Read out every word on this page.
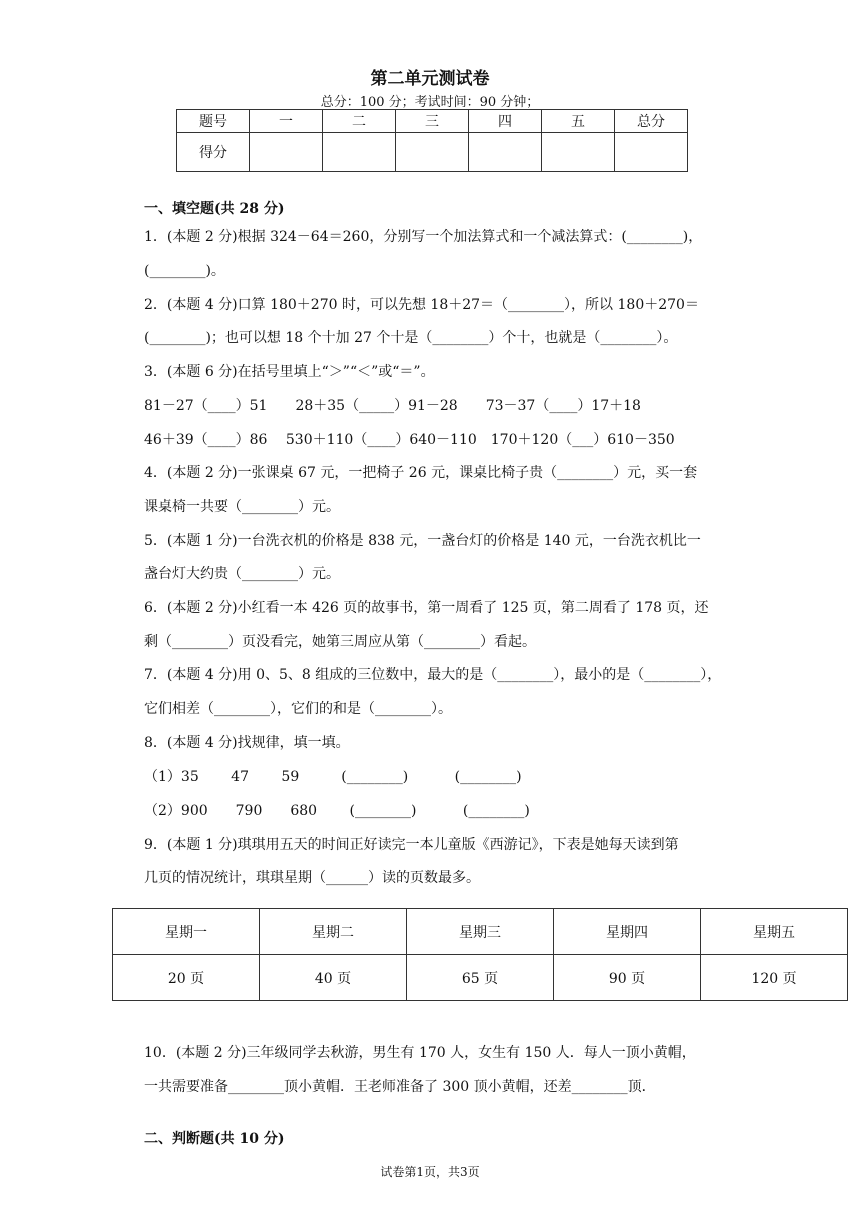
第二单元测试卷
总分：100 分；考试时间：90 分钟；
题号	一	二	三	四	五	总分
得分						
一、填空题(共 28 分)
1．(本题 2 分)根据 324－64＝260，分别写一个加法算式和一个减法算式：(________)，
(________)。
2．(本题 4 分)口算 180＋270 时，可以先想 18＋27＝（________），所以 180＋270＝
(________)；也可以想 18 个十加 27 个十是（________）个十，也就是（________）。
3．(本题 6 分)在括号里填上“＞”“＜”或“＝”。
81－27（____）51　　28＋35（_____）91－28　　73－37（____）17＋18
46＋39（____）86　 530＋110（____）640－110　170＋120（___）610－350
4．(本题 2 分)一张课桌 67 元，一把椅子 26 元，课桌比椅子贵（________）元，买一套
课桌椅一共要（________）元。
5．(本题 1 分)一台洗衣机的价格是 838 元，一盏台灯的价格是 140 元，一台洗衣机比一
盏台灯大约贵（________）元。
6．(本题 2 分)小红看一本 426 页的故事书，第一周看了 125 页，第二周看了 178 页，还
剩（________）页没看完，她第三周应从第（________）看起。
7．(本题 4 分)用 0、5、8 组成的三位数中，最大的是（________），最小的是（________），
它们相差（________），它们的和是（________）。
8．(本题 4 分)找规律，填一填。
（1）35　　 47　　 59　　　(________)　　　 (________)
（2）900　　790　　680　　 (________)　　　 (________)
9．(本题 1 分)琪琪用五天的时间正好读完一本儿童版《西游记》，下表是她每天读到第
几页的情况统计，琪琪星期（______）读的页数最多。
星期一	星期二	星期三	星期四	星期五
20 页	40 页	65 页	90 页	120 页
10．(本题 2 分)三年级同学去秋游，男生有 170 人，女生有 150 人．每人一顶小黄帽，
一共需要准备________顶小黄帽．王老师准备了 300 顶小黄帽，还差________顶．
二、判断题(共 10 分)
试卷第1页，共3页
